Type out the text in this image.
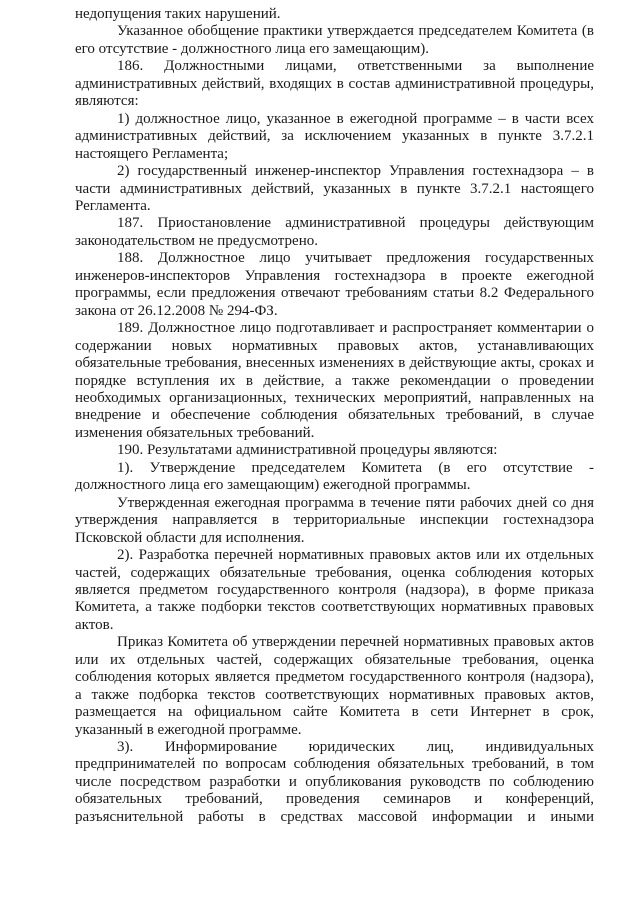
недопущения таких нарушений.

Указанное обобщение практики утверждается председателем Комитета (в его отсутствие - должностного лица его замещающим).

186. Должностными лицами, ответственными за выполнение административных действий, входящих в состав административной процедуры, являются:

1) должностное лицо, указанное в ежегодной программе – в части всех административных действий, за исключением указанных в пункте 3.7.2.1 настоящего Регламента;

2) государственный инженер-инспектор Управления гостехнадзора – в части административных действий, указанных в пункте 3.7.2.1 настоящего Регламента.

187. Приостановление административной процедуры действующим законодательством не предусмотрено.

188. Должностное лицо учитывает предложения государственных инженеров-инспекторов Управления гостехнадзора в проекте ежегодной программы, если предложения отвечают требованиям статьи 8.2 Федерального закона от 26.12.2008 № 294-ФЗ.

189. Должностное лицо подготавливает и распространяет комментарии о содержании новых нормативных правовых актов, устанавливающих обязательные требования, внесенных изменениях в действующие акты, сроках и порядке вступления их в действие, а также рекомендации о проведении необходимых организационных, технических мероприятий, направленных на внедрение и обеспечение соблюдения обязательных требований, в случае изменения обязательных требований.

190. Результатами административной процедуры являются:

1). Утверждение председателем Комитета (в его отсутствие - должностного лица его замещающим) ежегодной программы.

Утвержденная ежегодная программа в течение пяти рабочих дней со дня утверждения направляется в территориальные инспекции гостехнадзора Псковской области для исполнения.

2). Разработка перечней нормативных правовых актов или их отдельных частей, содержащих обязательные требования, оценка соблюдения которых является предметом государственного контроля (надзора), в форме приказа Комитета, а также подборки текстов соответствующих нормативных правовых актов.

Приказ Комитета об утверждении перечней нормативных правовых актов или их отдельных частей, содержащих обязательные требования, оценка соблюдения которых является предметом государственного контроля (надзора), а также подборка текстов соответствующих нормативных правовых актов, размещается на официальном сайте Комитета в сети Интернет в срок, указанный в ежегодной программе.

3). Информирование юридических лиц, индивидуальных предпринимателей по вопросам соблюдения обязательных требований, в том числе посредством разработки и опубликования руководств по соблюдению обязательных требований, проведения семинаров и конференций, разъяснительной работы в средствах массовой информации и иными
